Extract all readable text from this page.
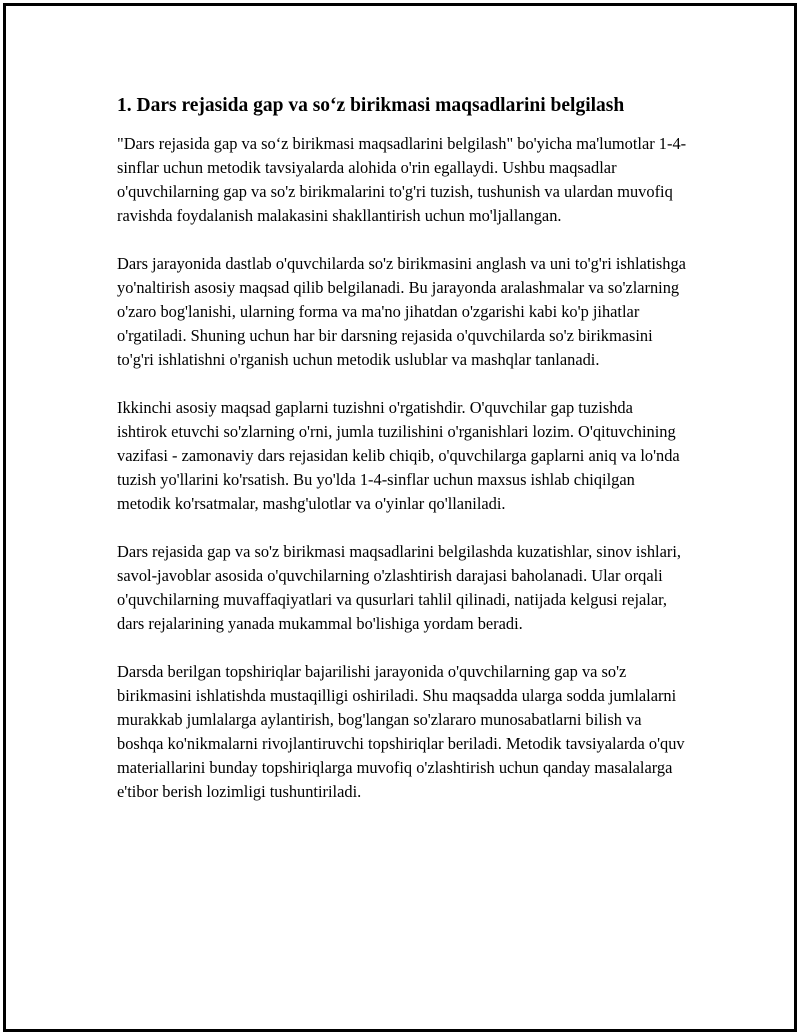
1. Dars rejasida gap va so‘z birikmasi maqsadlarini belgilash

"Dars rejasida gap va so‘z birikmasi maqsadlarini belgilash" bo'yicha ma'lumotlar 1-4-sinflar uchun metodik tavsiyalarda alohida o'rin egallaydi. Ushbu maqsadlar o'quvchilarning gap va so'z birikmalarini to'g'ri tuzish, tushunish va ulardan muvofiq ravishda foydalanish malakasini shakllantirish uchun mo'ljallangan.

Dars jarayonida dastlab o'quvchilarda so'z birikmasini anglash va uni to'g'ri ishlatishga yo'naltirish asosiy maqsad qilib belgilanadi. Bu jarayonda aralashmalar va so'zlarning o'zaro bog'lanishi, ularning forma va ma'no jihatdan o'zgarishi kabi ko'p jihatlar o'rgatiladi. Shuning uchun har bir darsning rejasida o'quvchilarda so'z birikmasini to'g'ri ishlatishni o'rganish uchun metodik uslublar va mashqlar tanlanadi.

Ikkinchi asosiy maqsad gaplarni tuzishni o'rgatishdir. O'quvchilar gap tuzishda ishtirok etuvchi so'zlarning o'rni, jumla tuzilishini o'rganishlari lozim. O'qituvchining vazifasi - zamonaviy dars rejasidan kelib chiqib, o'quvchilarga gaplarni aniq va lo'nda tuzish yo'llarini ko'rsatish. Bu yo'lda 1-4-sinflar uchun maxsus ishlab chiqilgan metodik ko'rsatmalar, mashg'ulotlar va o'yinlar qo'llaniladi.

Dars rejasida gap va so'z birikmasi maqsadlarini belgilashda kuzatishlar, sinov ishlari, savol-javoblar asosida o'quvchilarning o'zlashtirish darajasi baholanadi. Ular orqali o'quvchilarning muvaffaqiyatlari va qusurlari tahlil qilinadi, natijada kelgusi rejalar, dars rejalarining yanada mukammal bo'lishiga yordam beradi.

Darsda berilgan topshiriqlar bajarilishi jarayonida o'quvchilarning gap va so'z birikmasini ishlatishda mustaqilligi oshiriladi. Shu maqsadda ularga sodda jumlalarni murakkab jumlalarga aylantirish, bog'langan so'zlararo munosabatlarni bilish va boshqa ko'nikmalarni rivojlantiruvchi topshiriqlar beriladi. Metodik tavsiyalarda o'quv materiallarini bunday topshiriqlarga muvofiq o'zlashtirish uchun qanday masalalarga e'tibor berish lozimligi tushuntiriladi.
